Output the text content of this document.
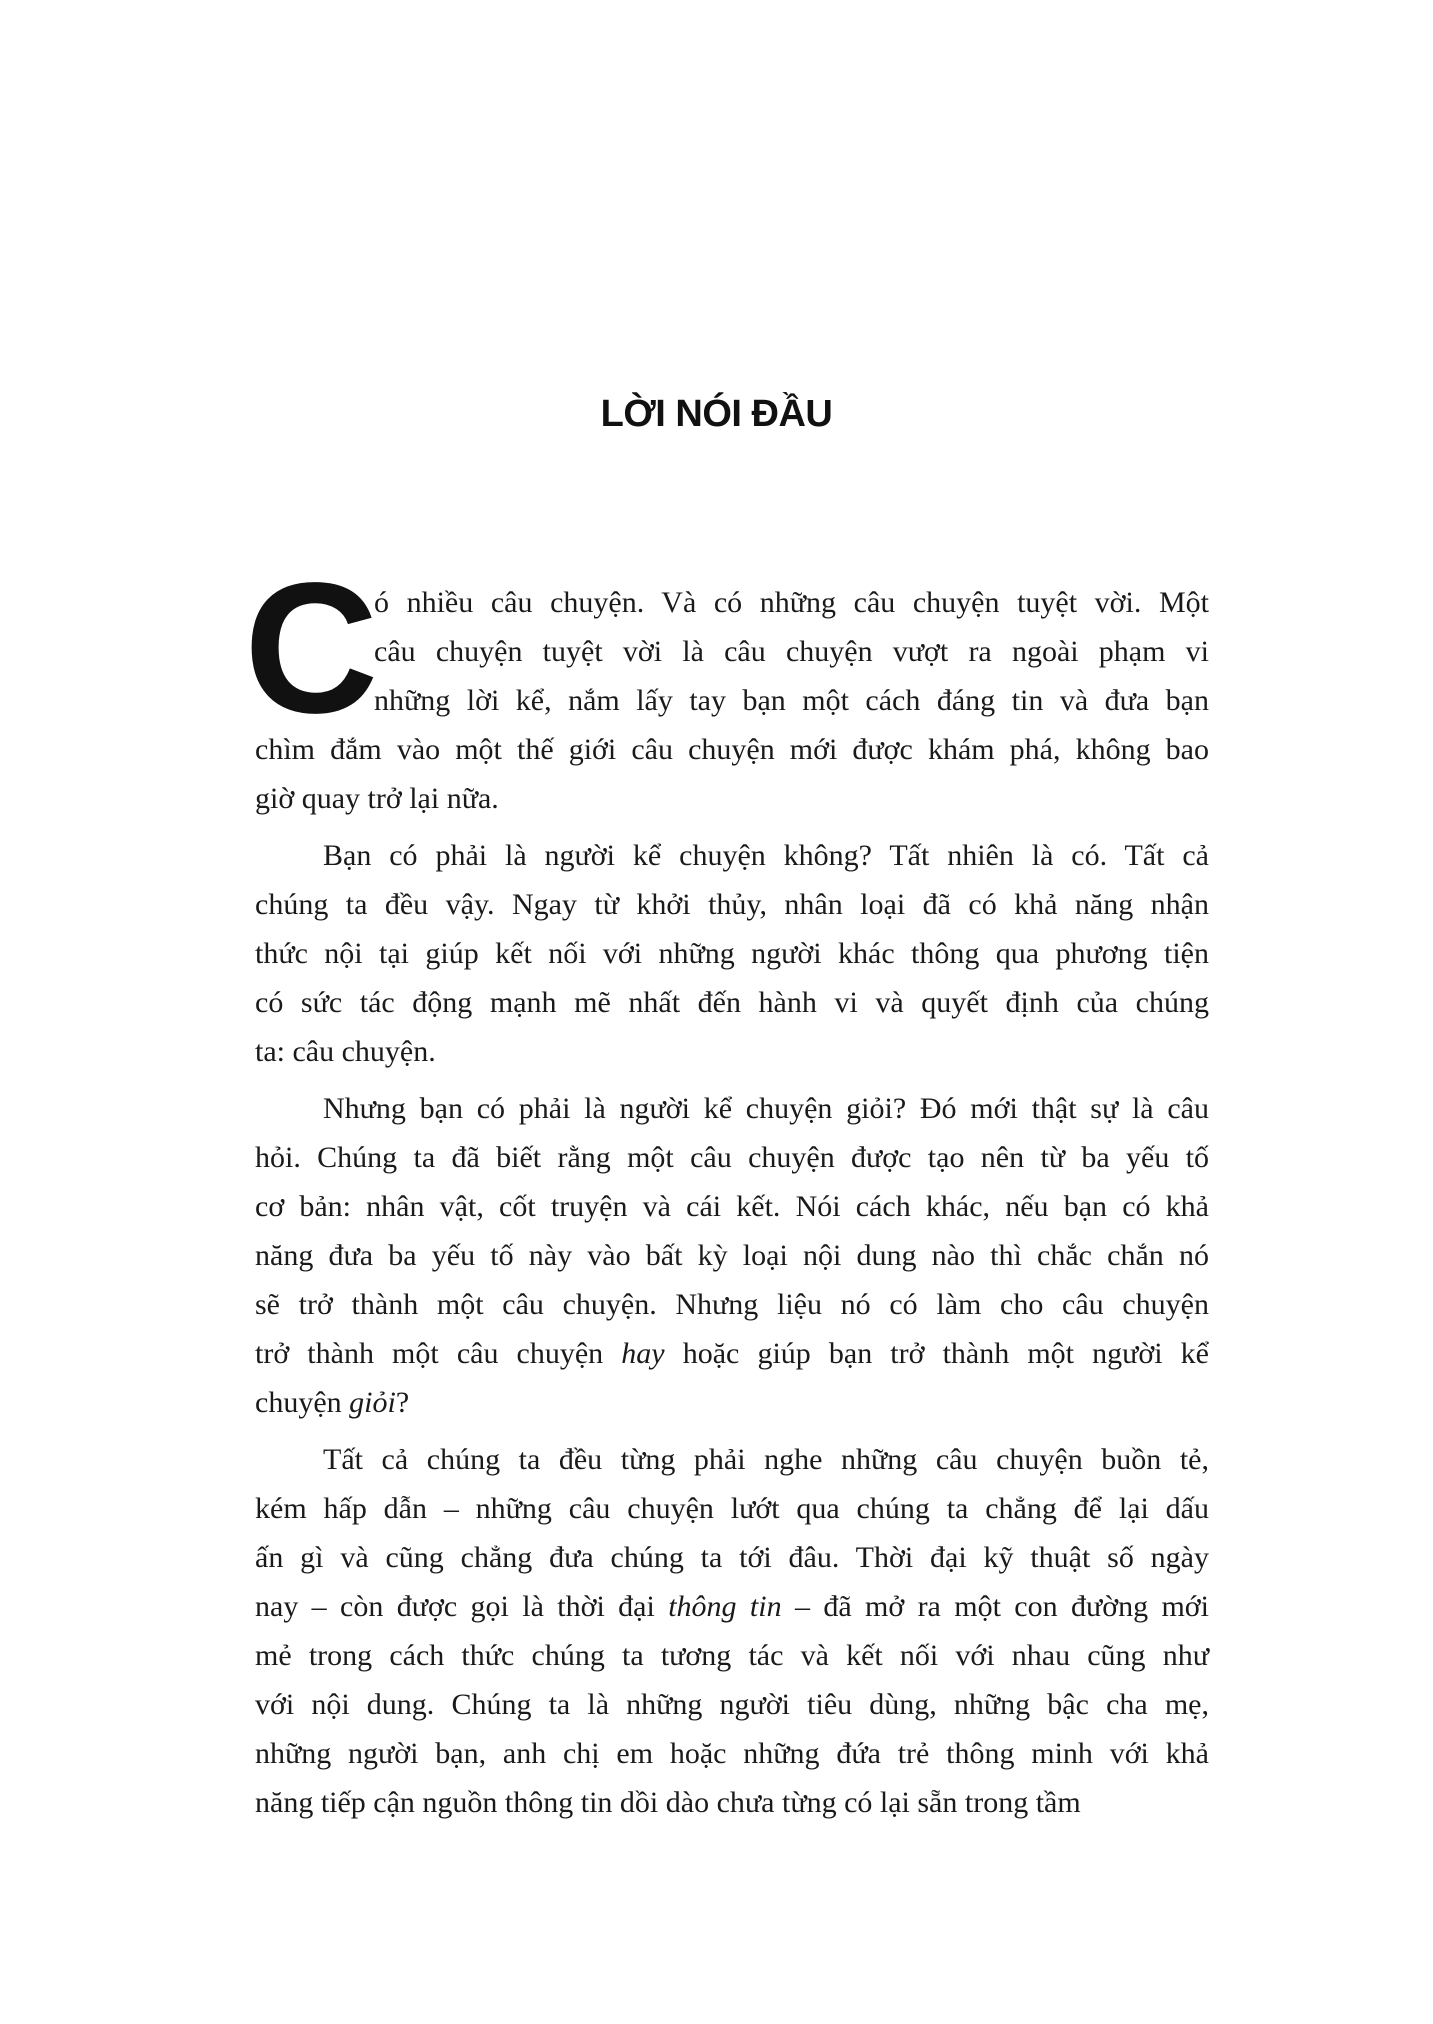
LỜI NÓI ĐẦU
C
ó nhiều câu chuyện. Và có những câu chuyện tuyệt vời. Một
câu chuyện tuyệt vời là câu chuyện vượt ra ngoài phạm vi
những lời kể, nắm lấy tay bạn một cách đáng tin và đưa bạn
chìm đắm vào một thế giới câu chuyện mới được khám phá, không bao
giờ quay trở lại nữa.
Bạn có phải là người kể chuyện không? Tất nhiên là có. Tất cả
chúng ta đều vậy. Ngay từ khởi thủy, nhân loại đã có khả năng nhận
thức nội tại giúp kết nối với những người khác thông qua phương tiện
có sức tác động mạnh mẽ nhất đến hành vi và quyết định của chúng
ta: câu chuyện.
Nhưng bạn có phải là người kể chuyện giỏi? Đó mới thật sự là câu
hỏi. Chúng ta đã biết rằng một câu chuyện được tạo nên từ ba yếu tố
cơ bản: nhân vật, cốt truyện và cái kết. Nói cách khác, nếu bạn có khả
năng đưa ba yếu tố này vào bất kỳ loại nội dung nào thì chắc chắn nó
sẽ trở thành một câu chuyện. Nhưng liệu nó có làm cho câu chuyện
trở thành một câu chuyện hay hoặc giúp bạn trở thành một người kể
chuyện giỏi?
Tất cả chúng ta đều từng phải nghe những câu chuyện buồn tẻ,
kém hấp dẫn – những câu chuyện lướt qua chúng ta chẳng để lại dấu
ấn gì và cũng chẳng đưa chúng ta tới đâu. Thời đại kỹ thuật số ngày
nay – còn được gọi là thời đại thông tin – đã mở ra một con đường mới
mẻ trong cách thức chúng ta tương tác và kết nối với nhau cũng như
với nội dung. Chúng ta là những người tiêu dùng, những bậc cha mẹ,
những người bạn, anh chị em hoặc những đứa trẻ thông minh với khả
năng tiếp cận nguồn thông tin dồi dào chưa từng có lại sẵn trong tầm
